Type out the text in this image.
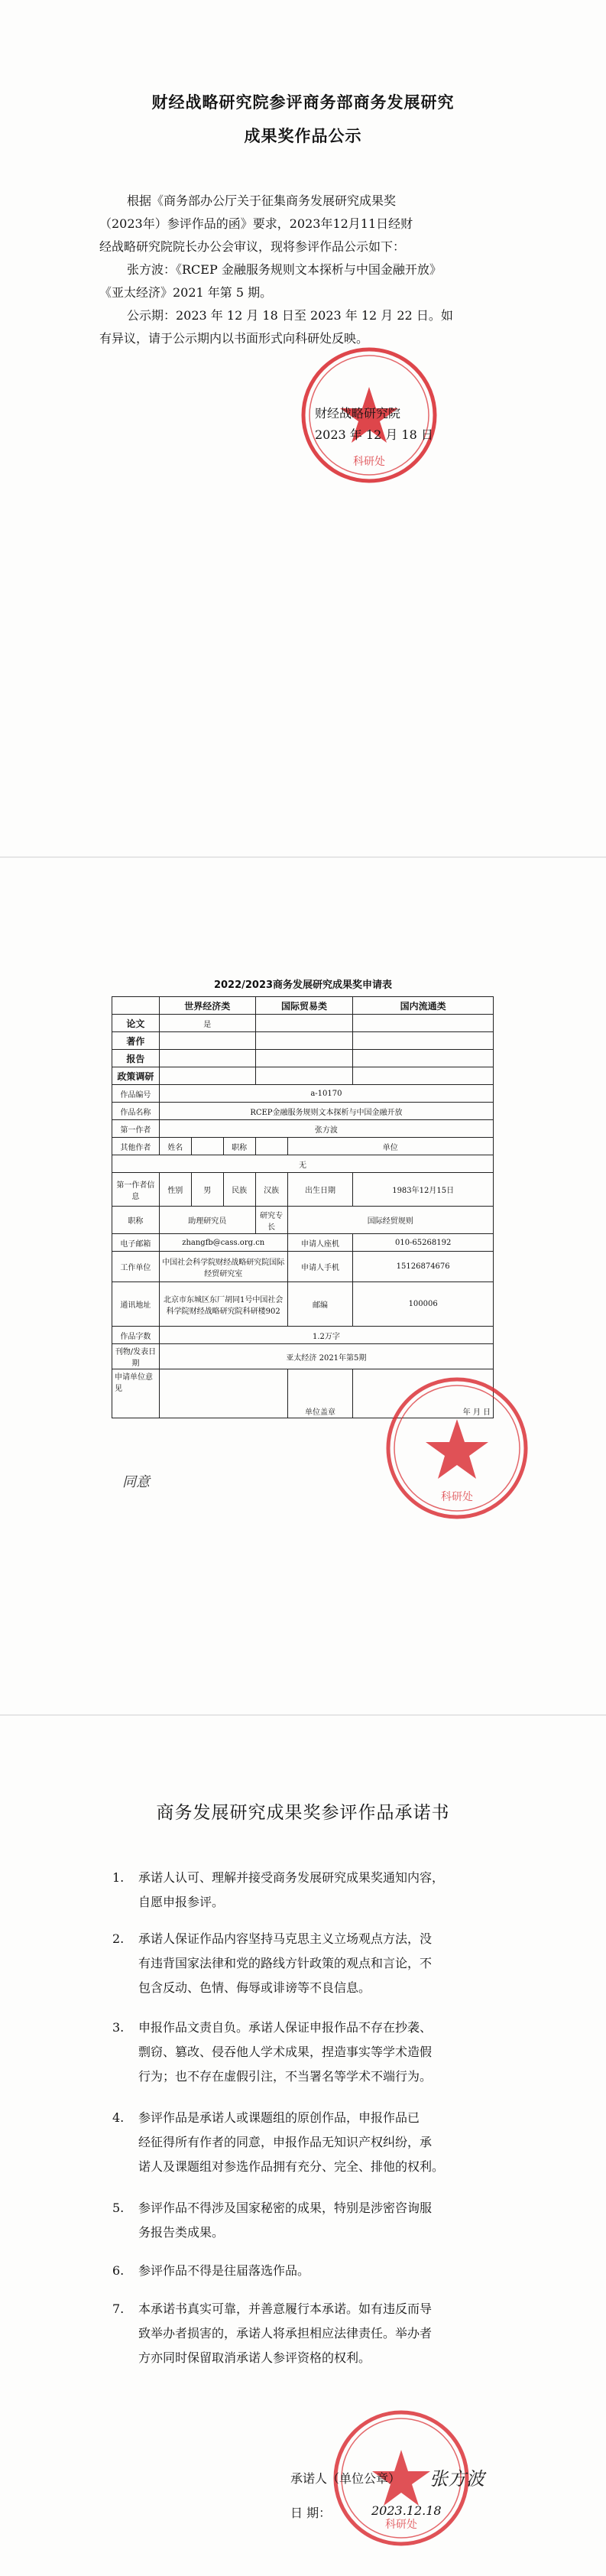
财经战略研究院参评商务部商务发展研究
成果奖作品公示
根据《商务部办公厅关于征集商务发展研究成果奖
（2023年）参评作品的函》要求，2023年12月11日经财
经战略研究院院长办公会审议，现将参评作品公示如下：
张方波：《RCEP 金融服务规则文本探析与中国金融开放》
《亚太经济》2021 年第 5 期。
公示期：2023 年 12 月 18 日至 2023 年 12 月 22 日。如
有异议，请于公示期内以书面形式向科研处反映。
科研处
财经战略研究院
2023 年 12 月 18 日
2022/2023商务发展研究成果奖申请表
	世界经济类			国际贸易类		国内流通类
论文	是					
著作						
报告						
政策调研						
作品编号	a-10170					
作品名称	RCEP金融服务规则文本探析与中国金融开放					
第一作者	张方波					
其他作者	姓名		职称		单位	
无						
第一作者信息	性别	男	民族	汉族	出生日期	1983年12月15日
职称	助理研究员			研究专长	国际经贸规则	
电子邮箱	zhangfb@cass.org.cn				申请人座机	010-65268192
工作单位	中国社会科学院财经战略研究院国际经贸研究室				申请人手机	15126874676
通讯地址	北京市东城区东厂胡同1号中国社会科学院财经战略研究院科研楼902				邮编	100006
作品字数	1.2万字					
刊物/发表日期	亚太经济 2021年第5期					
申请单位意见					单位盖章	年 月 日
同意
科研处
商务发展研究成果奖参评作品承诺书
1. 承诺人认可、理解并接受商务发展研究成果奖通知内容，
自愿申报参评。
2. 承诺人保证作品内容坚持马克思主义立场观点方法，没
有违背国家法律和党的路线方针政策的观点和言论，不
包含反动、色情、侮辱或诽谤等不良信息。
3. 申报作品文责自负。承诺人保证申报作品不存在抄袭、
剽窃、篡改、侵吞他人学术成果，捏造事实等学术造假
行为；也不存在虚假引注，不当署名等学术不端行为。
4. 参评作品是承诺人或课题组的原创作品，申报作品已
经征得所有作者的同意，申报作品无知识产权纠纷，承
诺人及课题组对参选作品拥有充分、完全、排他的权利。
5. 参评作品不得涉及国家秘密的成果，特别是涉密咨询服
务报告类成果。
6. 参评作品不得是往届落选作品。
7. 本承诺书真实可靠，并善意履行本承诺。如有违反而导
致举办者损害的，承诺人将承担相应法律责任。举办者
方亦同时保留取消承诺人参评资格的权利。
科研处
承诺人（单位公章） 张方波
日 期：	2023.12.18
